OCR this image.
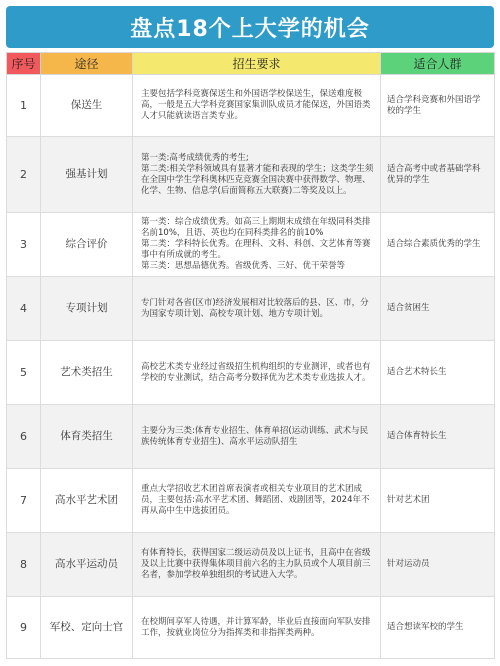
盘点18个上大学的机会
序号	途径	招生要求	适合人群
1	保送生	主要包括学科竞赛保送生和外国语学校保送生，保送难度极高，一般是五大学科竞赛国家集训队成员才能保送，外国语类人才只能就读语言类专业。	适合学科竞赛和外国语学校的学生
2	强基计划	第一类:高考成绩优秀的考生;
第二类:相关学科领域具有显著才能和表现的学生；这类学生须在全国中学生学科奥林匹克竞赛全国决赛中获得数学、物理、化学、生物、信息学(后面简称五大联赛)二等奖及以上。	适合高考中或者基础学科优异的学生
3	综合评价	第一类：综合成绩优秀。如高三上期期末成绩在年级同科类排名前10%，且语、英也均在同科类排名的前10%
第二类：学科特长优秀。在理科、文科、科创、文艺体育等赛事中有所成就的考生。
第三类：思想品德优秀。省级优秀、三好、优干荣誉等	适合综合素质优秀的学生
4	专项计划	专门针对各省(区市)经济发展相对比较落后的县、区、市，分为国家专项计划、高校专项计划、地方专项计划。	适合贫困生
5	艺术类招生	高校艺术类专业经过省级招生机构组织的专业测评，或者也有学校的专业测试，结合高考分数择优为艺术类专业选拔人才。	适合艺术特长生
6	体育类招生	主要分为三类:体育专业招生、体育单招(运动训练、武术与民族传统体育专业招生)、高水平运动队招生	适合体育特长生
7	高水平艺术团	重点大学招收艺术团首席表演者或相关专业项目的艺术团成员，主要包括:高水平艺术团、舞蹈团、戏剧团等，2024年不再从高中生中选拔团员。	针对艺术团
8	高水平运动员	有体育特长，获得国家二级运动员及以上证书，且高中在省级及以上比赛中获得集体项目前六名的主力队员或个人项目前三名者，参加学校单独组织的考试进入大学。	针对运动员
9	军校、定向士官	在校期间享军人待遇，并计算军龄，毕业后直接面向军队安排工作，按就业岗位分为指挥类和非指挥类两种。	适合想读军校的学生
